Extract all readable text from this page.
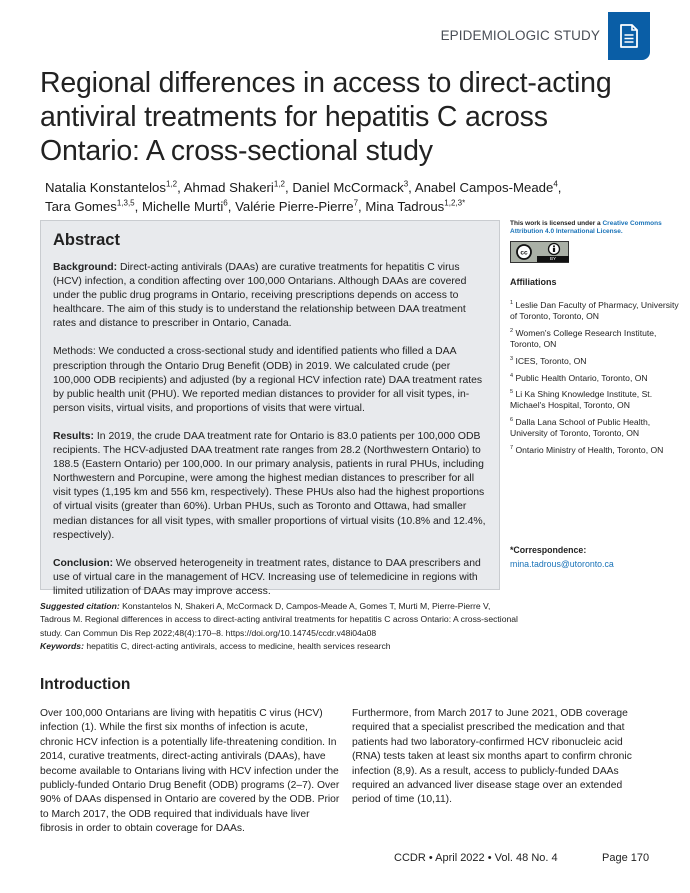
EPIDEMIOLOGIC STUDY
Regional differences in access to direct-acting antiviral treatments for hepatitis C across Ontario: A cross-sectional study
Natalia Konstantelos$^{1,2}$, Ahmad Shakeri$^{1,2}$, Daniel McCormack$^3$, Anabel Campos-Meade$^4$,
Tara Gomes$^{1,3,5}$, Michelle Murti$^6$, Valérie Pierre-Pierre$^7$, Mina Tadrous$^{1,2,3*}$
Abstract

Background: Direct-acting antivirals (DAAs) are curative treatments for hepatitis C virus (HCV) infection, a condition affecting over 100,000 Ontarians. Although DAAs are covered under the public drug programs in Ontario, receiving prescriptions depends on access to healthcare. The aim of this study is to understand the relationship between DAA treatment rates and distance to prescriber in Ontario, Canada.

Methods: We conducted a cross-sectional study and identified patients who filled a DAA prescription through the Ontario Drug Benefit (ODB) in 2019. We calculated crude (per 100,000 ODB recipients) and adjusted (by a regional HCV infection rate) DAA treatment rates by public health unit (PHU). We reported median distances to provider for all visit types, in-person visits, virtual visits, and proportions of visits that were virtual.

Results: In 2019, the crude DAA treatment rate for Ontario is 83.0 patients per 100,000 ODB recipients. The HCV-adjusted DAA treatment rate ranges from 28.2 (Northwestern Ontario) to 188.5 (Eastern Ontario) per 100,000. In our primary analysis, patients in rural PHUs, including Northwestern and Porcupine, were among the highest median distances to prescriber for all visit types (1,195 km and 556 km, respectively). These PHUs also had the highest proportions of virtual visits (greater than 60%). Urban PHUs, such as Toronto and Ottawa, had smaller median distances for all visit types, with smaller proportions of virtual visits (10.8% and 12.4%, respectively).

Conclusion: We observed heterogeneity in treatment rates, distance to DAA prescribers and use of virtual care in the management of HCV. Increasing use of telemedicine in regions with limited utilization of DAAs may improve access.

This work is licensed under a Creative Commons Attribution 4.0 International License.
cc
BY
Affiliations
$^1$ Leslie Dan Faculty of Pharmacy, University of Toronto, Toronto, ON
$^2$ Women's College Research Institute, Toronto, ON
$^3$ ICES, Toronto, ON
$^4$ Public Health Ontario, Toronto, ON
$^5$ Li Ka Shing Knowledge Institute, St. Michael's Hospital, Toronto, ON
$^6$ Dalla Lana School of Public Health, University of Toronto, Toronto, ON
$^7$ Ontario Ministry of Health, Toronto, ON
*Correspondence:
mina.tadrous@utoronto.ca
Suggested citation: Konstantelos N, Shakeri A, McCormack D, Campos-Meade A, Gomes T, Murti M, Pierre-Pierre V, Tadrous M. Regional differences in access to direct-acting antiviral treatments for hepatitis C across Ontario: A cross-sectional study. Can Commun Dis Rep 2022;48(4):170–8. https://doi.org/10.14745/ccdr.v48i04a08
Keywords: hepatitis C, direct-acting antivirals, access to medicine, health services research
Introduction

Over 100,000 Ontarians are living with hepatitis C virus (HCV) infection (1). While the first six months of infection is acute, chronic HCV infection is a potentially life-threatening condition. In 2014, curative treatments, direct-acting antivirals (DAAs), have become available to Ontarians living with HCV infection under the publicly-funded Ontario Drug Benefit (ODB) programs (2–7). Over 90% of DAAs dispensed in Ontario are covered by the ODB. Prior to March 2017, the ODB required that individuals have liver fibrosis in order to obtain coverage for DAAs.

Furthermore, from March 2017 to June 2021, ODB coverage required that a specialist prescribed the medication and that patients had two laboratory-confirmed HCV ribonucleic acid (RNA) tests taken at least six months apart to confirm chronic infection (8,9). As a result, access to publicly-funded DAAs required an advanced liver disease stage over an extended period of time (10,11).

CCDR • April 2022 • Vol. 48 No. 4	Page 170
